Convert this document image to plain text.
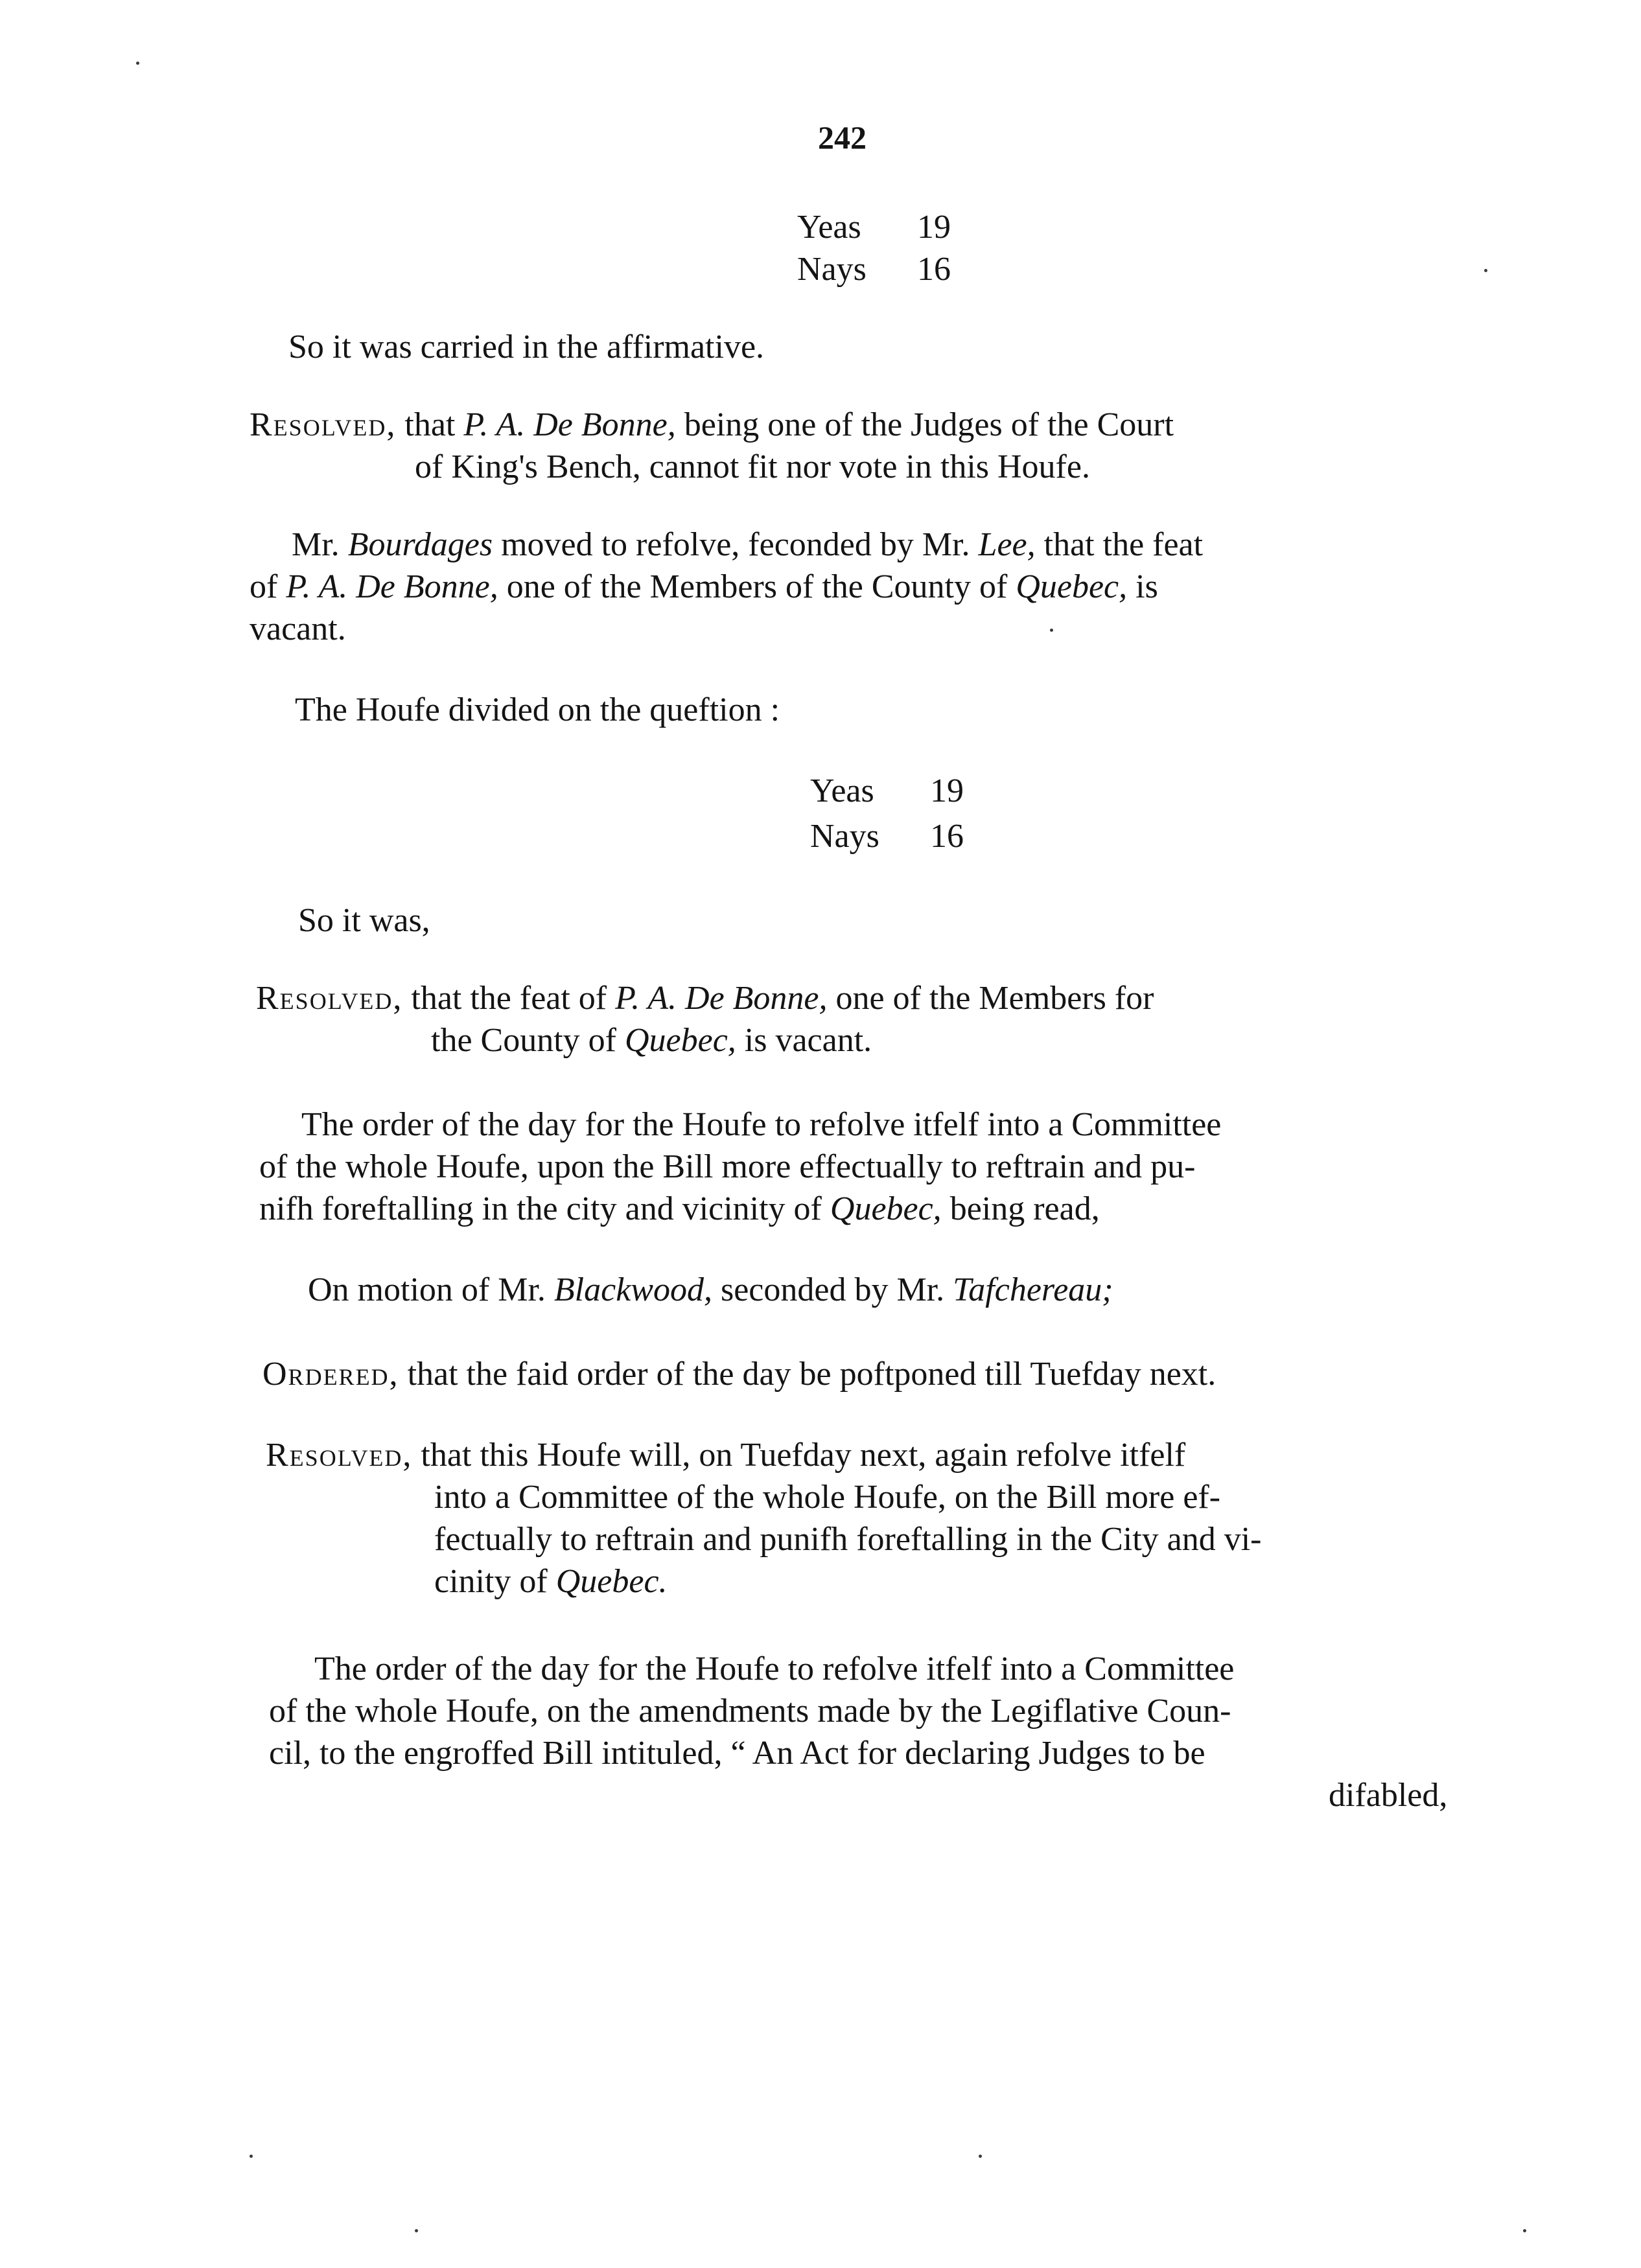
242
Yeas 19
Nays 16
So it was carried in the affirmative.
Resolved, that P. A. De Bonne, being one of the Judges of the Court
of King's Bench, cannot fit nor vote in this Houfe.
Mr. Bourdages moved to refolve, feconded by Mr. Lee, that the feat
of P. A. De Bonne, one of the Members of the County of Quebec, is
vacant.
The Houfe divided on the queftion :
Yeas 19
Nays 16
So it was,
Resolved, that the feat of P. A. De Bonne, one of the Members for
the County of Quebec, is vacant.
The order of the day for the Houfe to refolve itfelf into a Committee
of the whole Houfe, upon the Bill more effectually to reftrain and pu-
nifh foreftalling in the city and vicinity of Quebec, being read,
On motion of Mr. Blackwood, seconded by Mr. Tafchereau;
Ordered, that the faid order of the day be poftponed till Tuefday next.
Resolved, that this Houfe will, on Tuefday next, again refolve itfelf
into a Committee of the whole Houfe, on the Bill more ef-
fectually to reftrain and punifh foreftalling in the City and vi-
cinity of Quebec.
The order of the day for the Houfe to refolve itfelf into a Committee
of the whole Houfe, on the amendments made by the Legiflative Coun-
cil, to the engroffed Bill intituled, “ An Act for declaring Judges to be
difabled,
